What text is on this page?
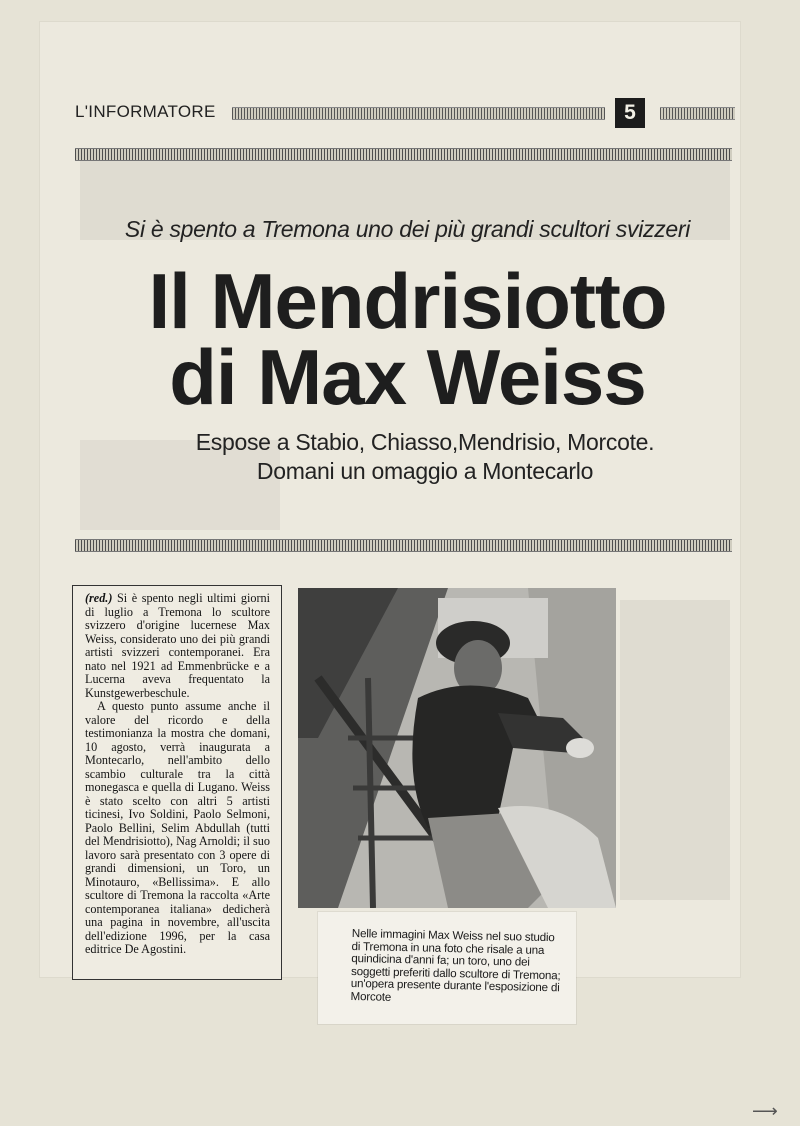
L'INFORMATORE	5
Si è spento a Tremona uno dei più grandi scultori svizzeri
Il Mendrisiotto
di Max Weiss
Espose a Stabio, Chiasso,Mendrisio, Morcote.
Domani un omaggio a Montecarlo

(red.) Si è spento negli ultimi giorni di luglio a Tremona lo scultore svizzero d'origine lucernese Max Weiss, considerato uno dei più grandi artisti svizzeri contemporanei. Era nato nel 1921 ad Emmenbrücke e a Lucerna aveva frequentato la Kunstgewerbeschule.

A questo punto assume anche il valore del ricordo e della testimonianza la mostra che domani, 10 agosto, verrà inaugurata a Montecarlo, nell'ambito dello scambio culturale tra la città monegasca e quella di Lugano. Weiss è stato scelto con altri 5 artisti ticinesi, Ivo Soldini, Paolo Selmoni, Paolo Bellini, Selim Abdullah (tutti del Mendrisiotto), Nag Arnoldi; il suo lavoro sarà presentato con 3 opere di grandi dimensioni, un Toro, un Minotauro, «Bellissima». E allo scultore di Tremona la raccolta «Arte contemporanea italiana» dedicherà una pagina in novembre, all'uscita dell'edizione 1996, per la casa editrice De Agostini.

Nelle immagini Max Weiss nel suo studio di Tremona in una foto che risale a una quindicina d'anni fa; un toro, uno dei soggetti preferiti dallo scultore di Tremona; un'opera presente durante l'esposizione di Morcote
⟶
